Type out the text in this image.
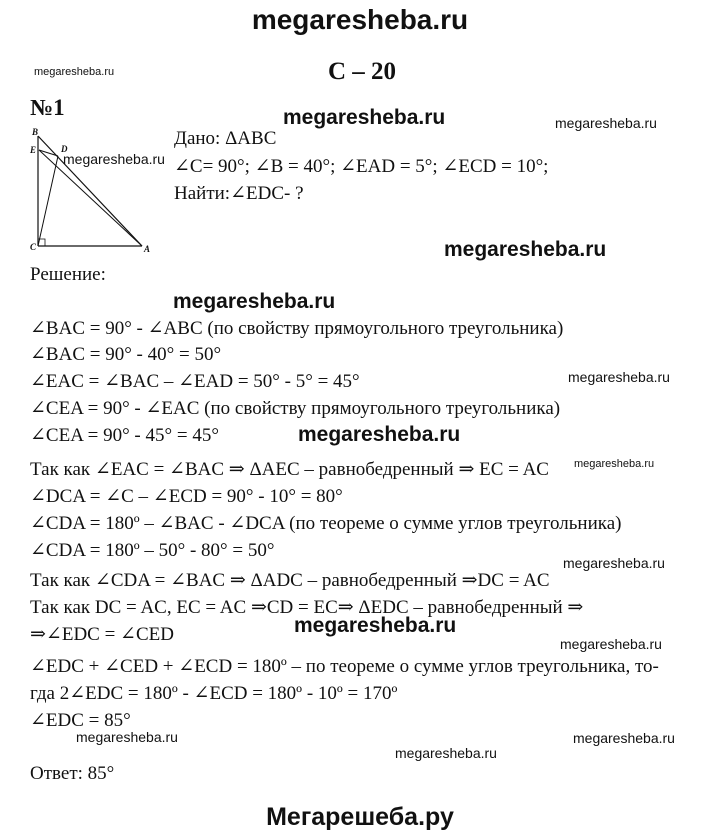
megaresheba.ru
C – 20
megaresheba.ru
№1
B
E	D
C	A
Дано: ΔABC
∠C= 90°; ∠B = 40°; ∠EAD = 5°; ∠ECD = 10°;
Найти:∠EDC- ?
megaresheba.ru	megaresheba.ru
megaresheba.ru
megaresheba.ru
Решение:
megaresheba.ru
∠BAC = 90° - ∠ABC (по свойству прямоугольного треугольника)
∠BAC = 90° - 40° = 50°
∠EAC = ∠BAC – ∠EAD = 50° - 5° = 45°	megaresheba.ru
∠CEA = 90° - ∠EAC (по свойству прямоугольного треугольника)
∠CEA = 90° - 45° = 45°	megaresheba.ru
Так как ∠EAC = ∠BAC ⇒ ΔAEC – равнобедренный ⇒ EC = AC megaresheba.ru
∠DCA = ∠C – ∠ECD = 90° - 10° = 80°
∠CDA = 180º – ∠BAC - ∠DCA (по теореме о сумме углов треугольника)
∠CDA = 180º – 50° - 80° = 50°
megaresheba.ru
Так как ∠CDA = ∠BAC ⇒ ΔADC – равнобедренный ⇒DC = AC
Так как DC = AC, EC = AC ⇒CD = EC⇒ ΔEDC – равнобедренный ⇒
⇒∠EDC = ∠CED	megaresheba.ru
megaresheba.ru
∠EDC + ∠CED + ∠ECD = 180º – по теореме о сумме углов треугольника, то-
гда 2∠EDC = 180º - ∠ECD = 180º - 10º = 170º
∠EDC = 85°
megaresheba.ru	megaresheba.ru
megaresheba.ru
Ответ: 85°
Мегарешеба.ру
